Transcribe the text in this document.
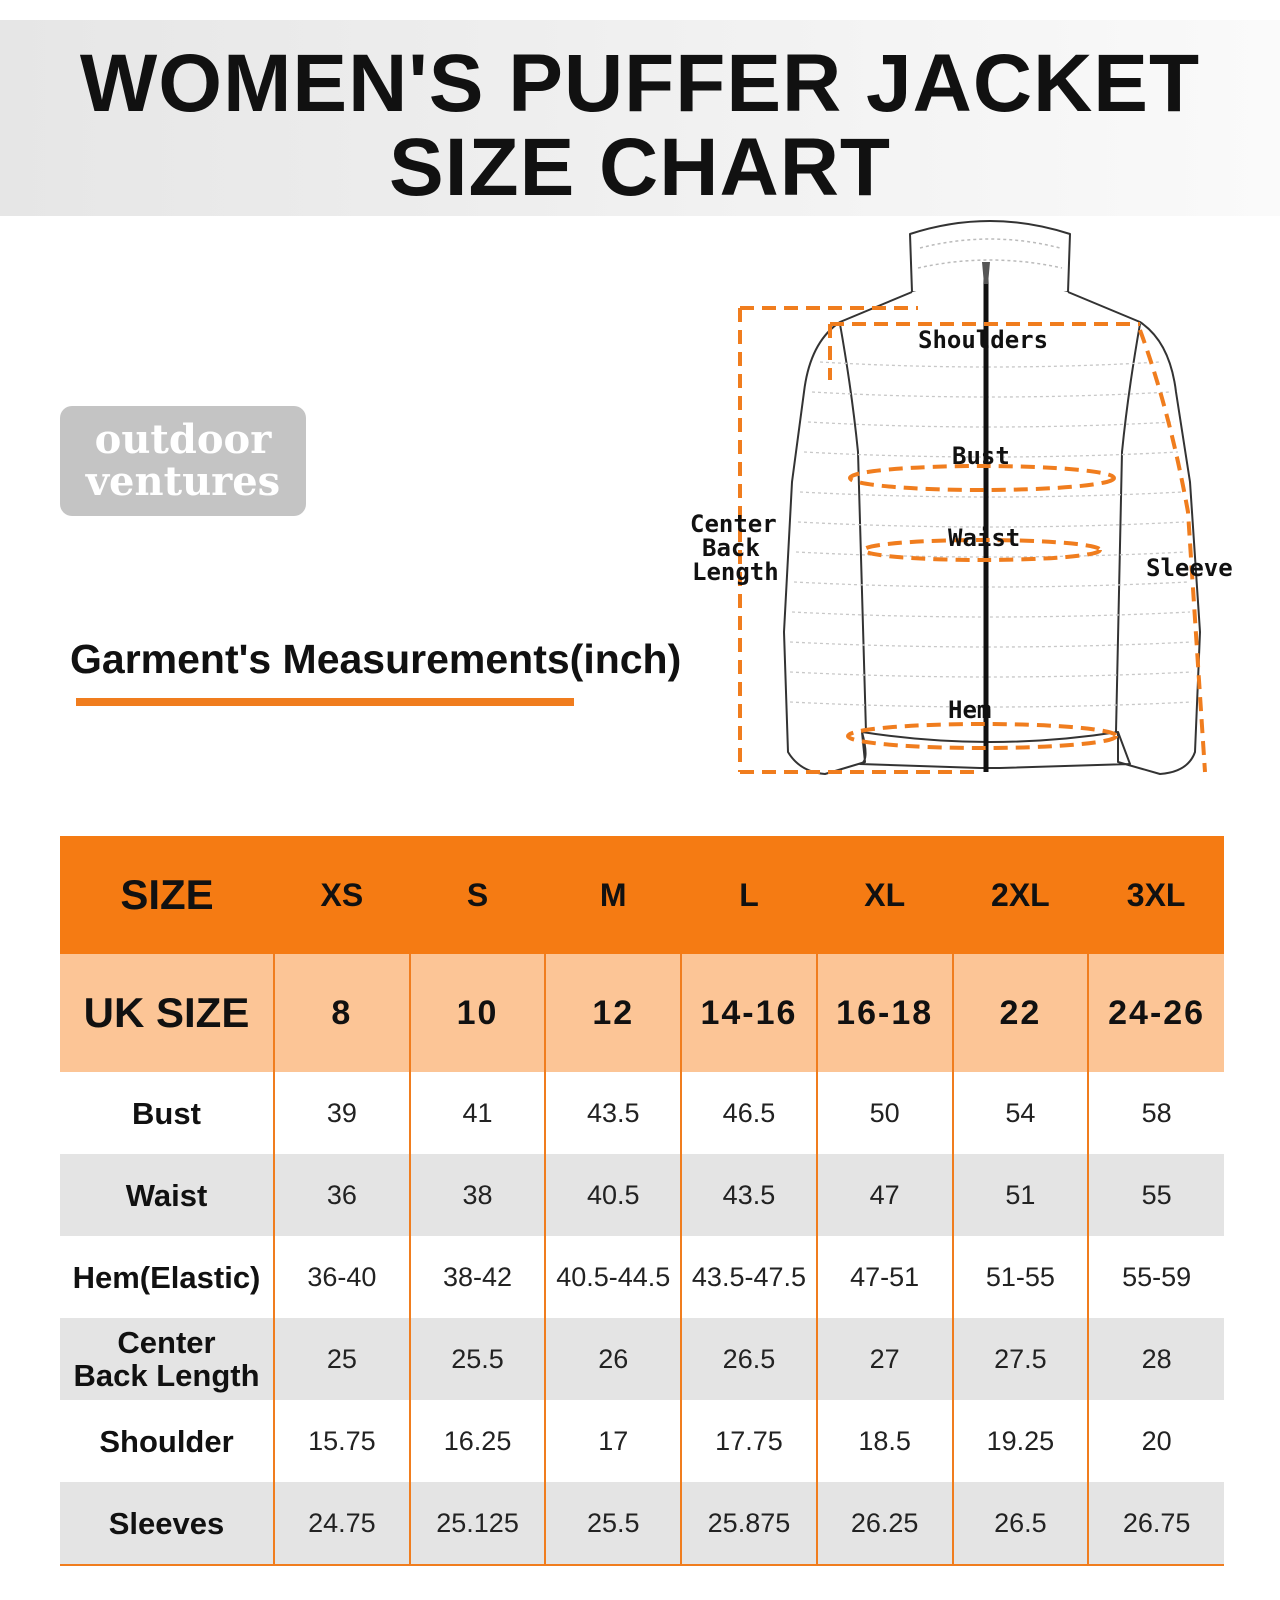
WOMEN'S PUFFER JACKET
SIZE CHART
outdoor
ventures
Garment's Measurements(inch)
Shoulders
Bust
Waist
Center
Back
Length	Sleeve
Hem
SIZE	XS	S	M	L	XL	2XL	3XL
UK SIZE	8	10	12	14-16	16-18	22	24-26
Bust	39	41	43.5	46.5	50	54	58
Waist	36	38	40.5	43.5	47	51	55
Hem(Elastic)	36-40	38-42	40.5-44.5	43.5-47.5	47-51	51-55	55-59
Center
Back Length	25	25.5	26	26.5	27	27.5	28
Shoulder	15.75	16.25	17	17.75	18.5	19.25	20
Sleeves	24.75	25.125	25.5	25.875	26.25	26.5	26.75
